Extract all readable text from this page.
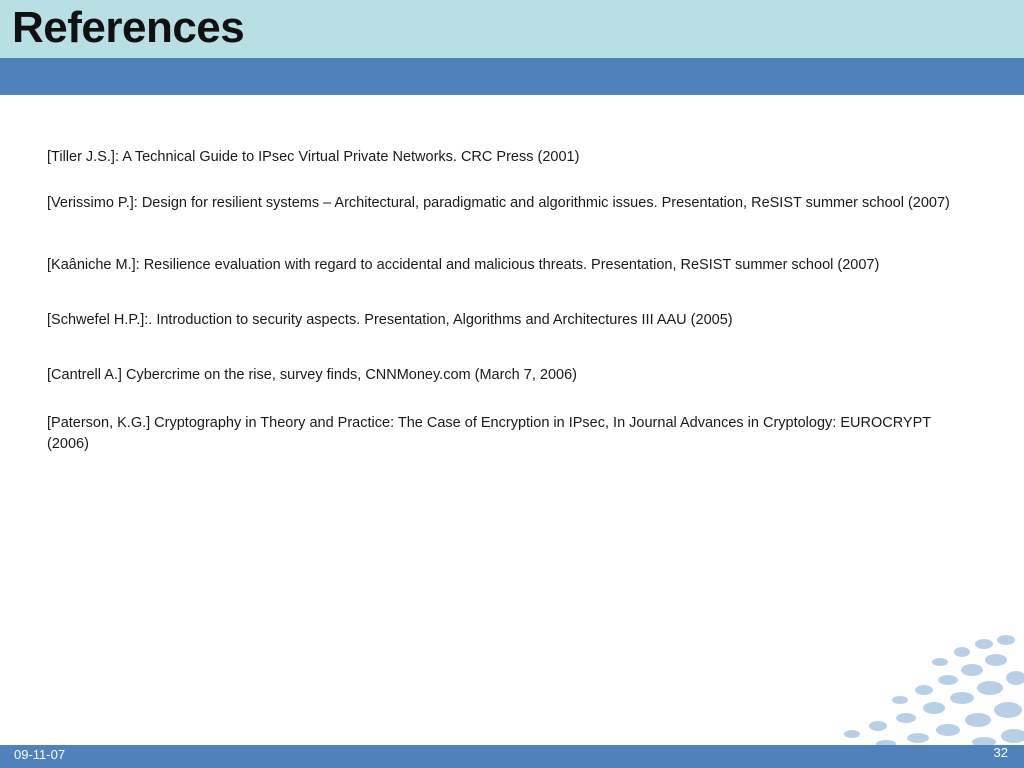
References

[Tiller J.S.]: A Technical Guide to IPsec Virtual Private Networks. CRC Press (2001)

[Verissimo P.]: Design for resilient systems – Architectural, paradigmatic and algorithmic issues. Presentation, ReSIST summer school (2007)

[Kaâniche M.]: Resilience evaluation with regard to accidental and malicious threats. Presentation, ReSIST summer school (2007)

[Schwefel H.P.]:. Introduction to security aspects. Presentation, Algorithms and Architectures III AAU (2005)

[Cantrell A.] Cybercrime on the rise, survey finds, CNNMoney.com (March 7, 2006)

[Paterson, K.G.] Cryptography in Theory and Practice: The Case of Encryption in IPsec, In Journal Advances in Cryptology: EUROCRYPT (2006)

09-11-07	32
